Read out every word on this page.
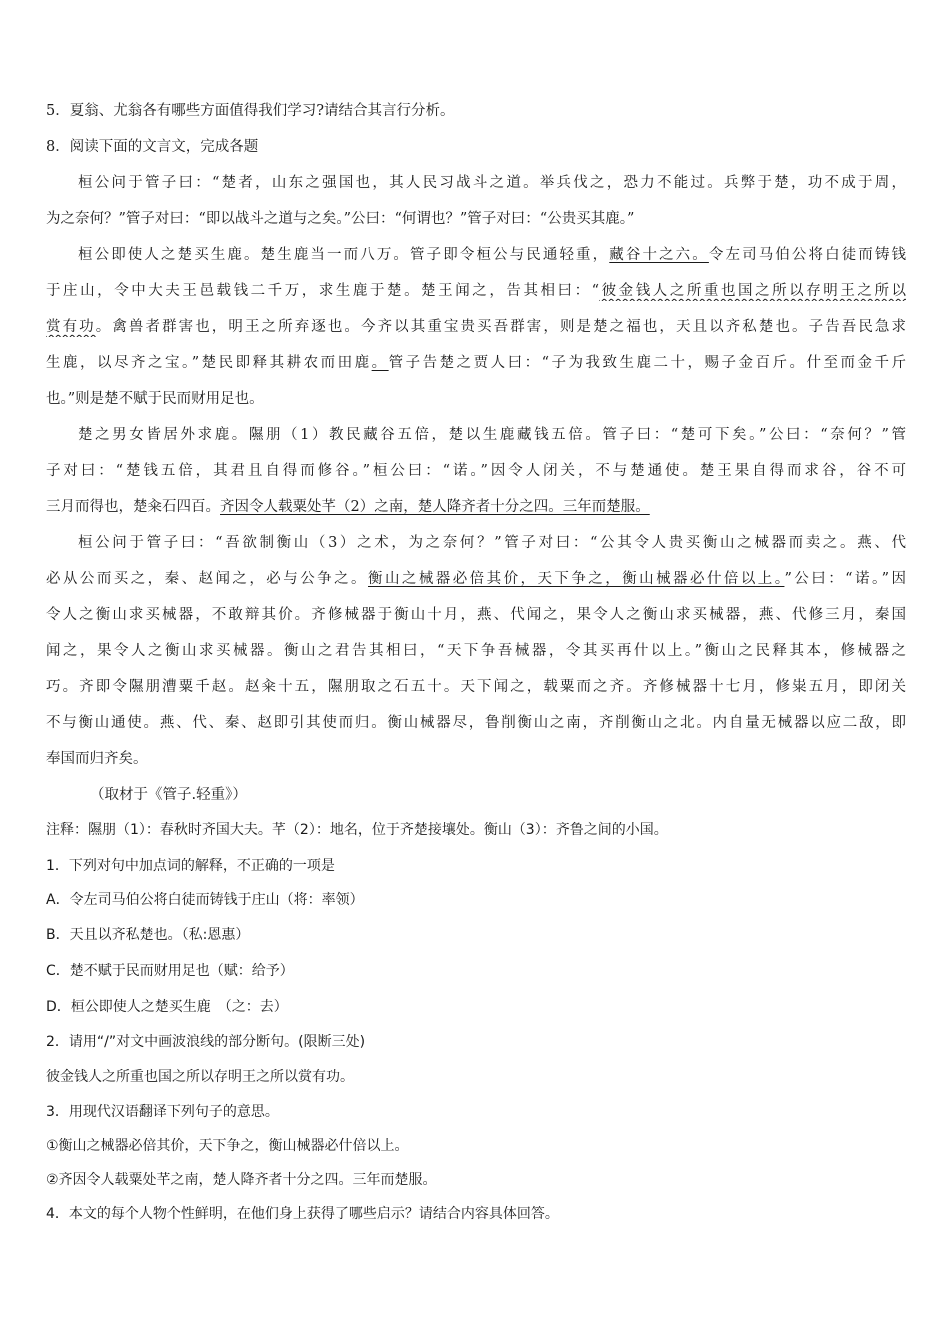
5．夏翁、尤翁各有哪些方面值得我们学习?请结合其言行分析。
8．阅读下面的文言文，完成各题
桓公问于管子曰：“楚者，山东之强国也，其人民习战斗之道。举兵伐之，恐力不能过。兵弊于楚，功不成于周，
为之奈何？”管子对曰：“即以战斗之道与之矣。”公曰：“何谓也？”管子对曰：“公贵买其鹿。”
桓公即使人之楚买生鹿。楚生鹿当一而八万。管子即令桓公与民通轻重，藏谷十之六。令左司马伯公将白徒而铸钱
于庄山，令中大夫王邑载钱二千万，求生鹿于楚。楚王闻之，告其相曰：“彼金钱人之所重也国之所以存明王之所以
赏有功。禽兽者群害也，明王之所弃逐也。今齐以其重宝贵买吾群害，则是楚之福也，天且以齐私楚也。子告吾民急求
生鹿，以尽齐之宝。”楚民即释其耕农而田鹿。管子告楚之贾人曰：“子为我致生鹿二十，赐子金百斤。什至而金千斤
也。”则是楚不赋于民而财用足也。
楚之男女皆居外求鹿。隰朋（1）教民藏谷五倍，楚以生鹿藏钱五倍。管子曰：“楚可下矣。”公曰：“奈何？”管
子对曰：“楚钱五倍，其君且自得而修谷。”桓公曰：“诺。”因令人闭关，不与楚通使。楚王果自得而求谷，谷不可
三月而得也，楚籴石四百。齐因令人载粟处芊（2）之南，楚人降齐者十分之四。三年而楚服。
桓公问于管子曰：“吾欲制衡山（3）之术，为之奈何？”管子对曰：“公其令人贵买衡山之械器而卖之。燕、代
必从公而买之，秦、赵闻之，必与公争之。衡山之械器必倍其价，天下争之，衡山械器必什倍以上。”公曰：“诺。”因
令人之衡山求买械器，不敢辩其价。齐修械器于衡山十月，燕、代闻之，果令人之衡山求买械器，燕、代修三月，秦国
闻之，果令人之衡山求买械器。衡山之君告其相曰，“天下争吾械器，令其买再什以上。”衡山之民释其本，修械器之
巧。齐即令隰朋漕粟千赵。赵籴十五，隰朋取之石五十。天下闻之，载粟而之齐。齐修械器十七月，修粜五月，即闭关
不与衡山通使。燕、代、秦、赵即引其使而归。衡山械器尽，鲁削衡山之南，齐削衡山之北。内自量无械器以应二敌，即
奉国而归齐矣。
（取材于《管子.轻重》）
注释：隰朋（1）：春秋时齐国大夫。芊（2）：地名，位于齐楚接壤处。衡山（3）：齐鲁之间的小国。
1．下列对句中加点词的解释，不正确的一项是
A．令左司马伯公将白徒而铸钱于庄山（将：率领）
B．天且以齐私楚也。（私:恩惠）
C．楚不赋于民而财用足也（赋：给予）
D．桓公即使人之楚买生鹿　（之：去）
2．请用“/”对文中画波浪线的部分断句。(限断三处)
彼金钱人之所重也国之所以存明王之所以赏有功。
3．用现代汉语翻译下列句子的意思。
①衡山之械器必倍其价，天下争之，衡山械器必什倍以上。
②齐因令人载粟处芊之南，楚人降齐者十分之四。三年而楚服。
4．本文的每个人物个性鲜明，在他们身上获得了哪些启示？请结合内容具体回答。
